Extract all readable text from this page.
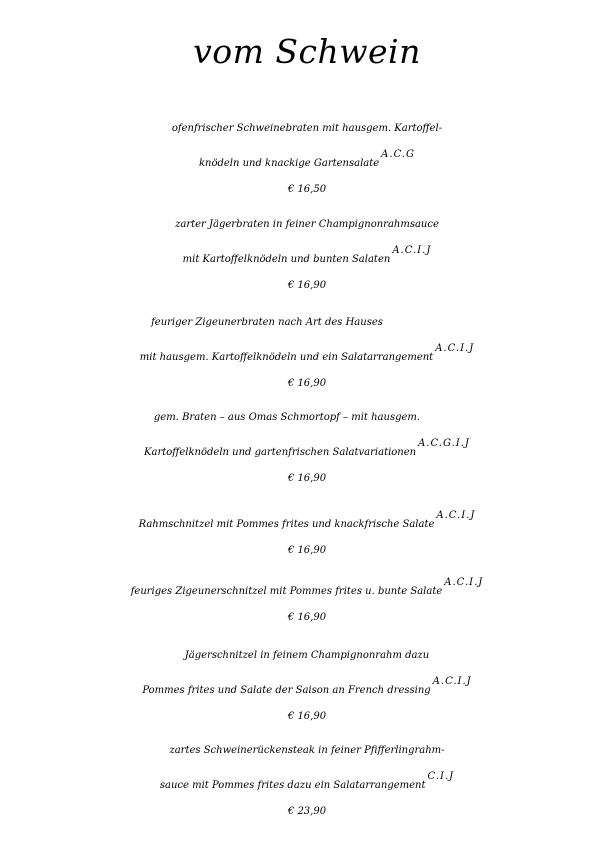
vom Schwein
ofenfrischer Schweinebraten mit hausgem. Kartoffel-
knödeln und knackige GartensalateA.C.G
€ 16,50
zarter Jägerbraten in feiner Champignonrahmsauce
mit Kartoffelknödeln und bunten SalatenA.C.I.J
€ 16,90
feuriger Zigeunerbraten nach Art des Hauses
mit hausgem. Kartoffelknödeln und ein SalatarrangementA.C.I.J
€ 16,90
gem. Braten – aus Omas Schmortopf – mit hausgem.
Kartoffelknödeln und gartenfrischen SalatvariationenA.C.G.I.J
€ 16,90
Rahmschnitzel mit Pommes frites und knackfrische SalateA.C.I.J
€ 16,90
feuriges Zigeunerschnitzel mit Pommes frites u. bunte SalateA.C.I.J
€ 16,90
Jägerschnitzel in feinem Champignonrahm dazu
Pommes frites und Salate der Saison an French dressingA.C.I.J
€ 16,90
zartes Schweinerückensteak in feiner Pfifferlingrahm-
sauce mit Pommes frites dazu ein SalatarrangementC.I.J
€ 23,90
